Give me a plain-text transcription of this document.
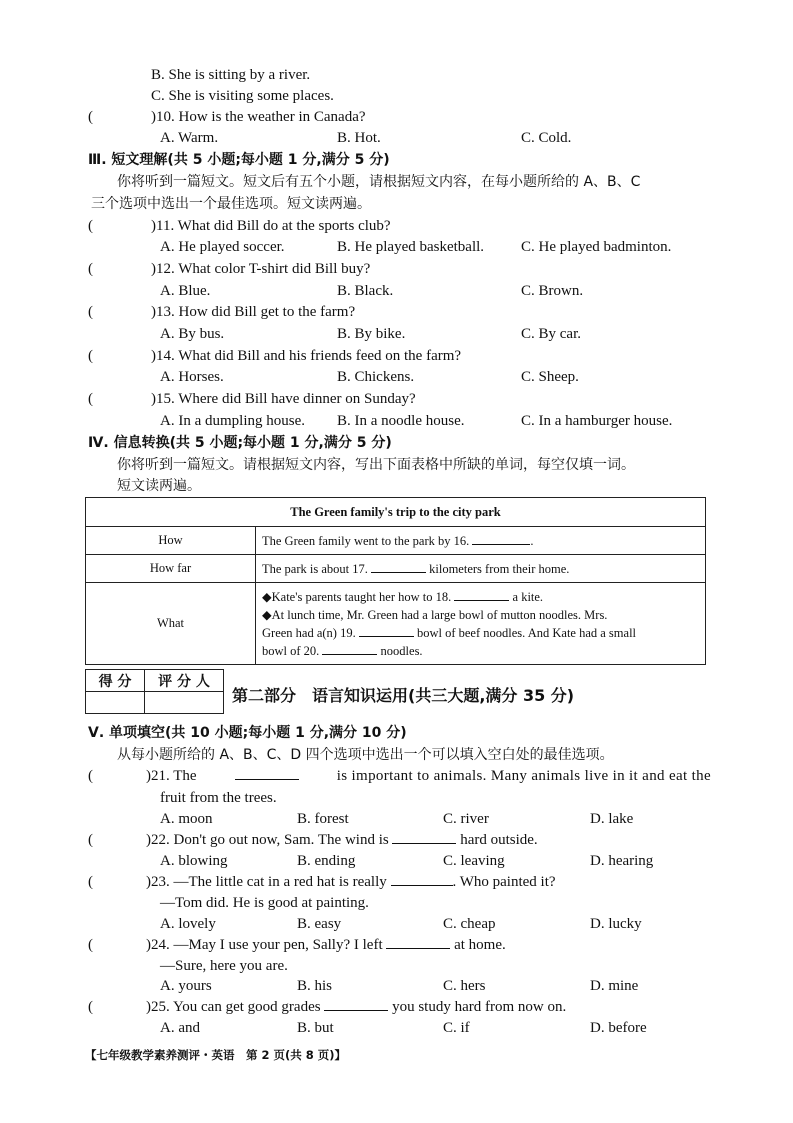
B. She is sitting by a river.
C. She is visiting some places.
(	)10. How is the weather in Canada?
A. Warm.	B. Hot.	C. Cold.
Ⅲ. 短文理解(共 5 小题;每小题 1 分,满分 5 分)
你将听到一篇短文。短文后有五个小题，请根据短文内容，在每小题所给的 A、B、C
三个选项中选出一个最佳选项。短文读两遍。
(	)11. What did Bill do at the sports club?
A. He played soccer.	B. He played basketball. C. He played badminton.
(	)12. What color T-shirt did Bill buy?
A. Blue.	B. Black.	C. Brown.
(	)13. How did Bill get to the farm?
A. By bus.	B. By bike.	C. By car.
(	)14. What did Bill and his friends feed on the farm?
A. Horses.	B. Chickens.	C. Sheep.
(	)15. Where did Bill have dinner on Sunday?
A. In a dumpling house. B. In a noodle house.	C. In a hamburger house.
Ⅳ. 信息转换(共 5 小题;每小题 1 分,满分 5 分)
你将听到一篇短文。请根据短文内容，写出下面表格中所缺的单词，每空仅填一词。
短文读两遍。
The Green family's trip to the city park	
How	The Green family went to the park by 16. .
How far	The park is about 17. kilometers from their home.
What	◆Kate's parents taught her how to 18. a kite.
◆At lunch time, Mr. Green had a large bowl of mutton noodles. Mrs.
Green had a(n) 19. bowl of beef noodles. And Kate had a small
bowl of 20. noodles.
得 分	评 分 人

第二部分　语言知识运用(共三大题,满分 35 分)
Ⅴ. 单项填空(共 10 小题;每小题 1 分,满分 10 分)
从每小题所给的 A、B、C、D 四个选项中选出一个可以填入空白处的最佳选项。
(	)21. The	is important to animals. Many animals live in it and eat the
fruit from the trees.
A. moon	B. forest	C. river	D. lake
(	)22. Don't go out now, Sam. The wind is	hard outside.
A. blowing	B. ending	C. leaving	D. hearing
(	)23. —The little cat in a red hat is really	. Who painted it?
—Tom did. He is good at painting.
A. lovely	B. easy	C. cheap	D. lucky
(	)24. —May I use your pen, Sally? I left	at home.
—Sure, here you are.
A. yours	B. his	C. hers	D. mine
(	)25. You can get good grades	you study hard from now on.
A. and	B. but	C. if	D. before
【七年级教学素养测评・英语　第 2 页(共 8 页)】
